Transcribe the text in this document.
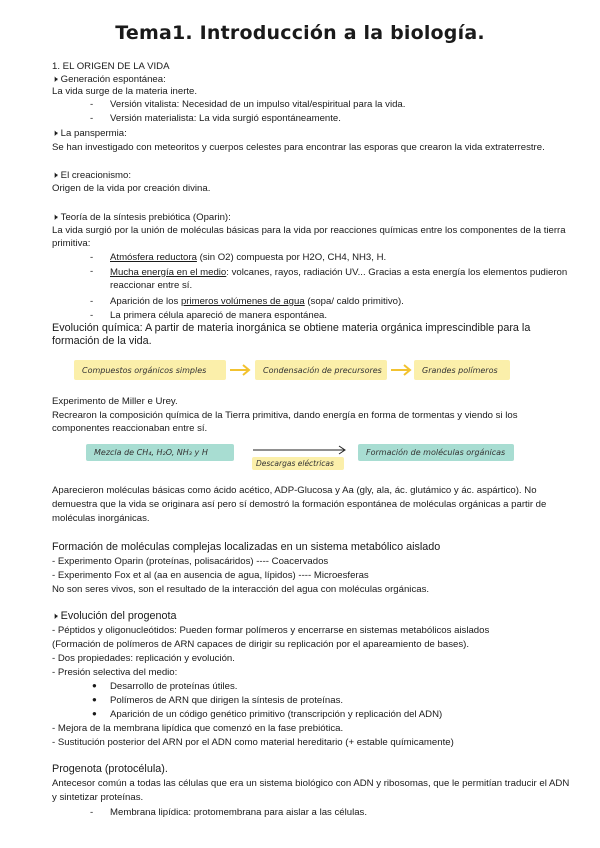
Tema1. Introducción a la biología.
1. EL ORIGEN DE LA VIDA
🕨︎ Generación espontánea:
La vida surge de la materia inerte.
- Versión vitalista: Necesidad de un impulso vital/espiritual para la vida.
- Versión materialista: La vida surgió espontáneamente.
🕨︎ La panspermia:
Se han investigado con meteoritos y cuerpos celestes para encontrar las esporas que crearon la vida extraterrestre.
🕨︎ El creacionismo:
Origen de la vida por creación divina.
🕨︎ Teoría de la síntesis prebiótica (Oparin):
La vida surgió por la unión de moléculas básicas para la vida por reacciones químicas entre los componentes de la tierra primitiva:
- Atmósfera reductora (sin O2) compuesta por H2O, CH4, NH3, H.
- Mucha energía en el medio: volcanes, rayos, radiación UV... Gracias a esta energía los elementos pudieron reaccionar entre sí.
- Aparición de los primeros volúmenes de agua (sopa/ caldo primitivo).
- La primera célula apareció de manera espontánea.
Evolución química: A partir de materia inorgánica se obtiene materia orgánica imprescindible para la formación de la vida.
Compuestos orgánicos simples	Condensación de precursores	Grandes polímeros
Experimento de Miller e Urey.
Recrearon la composición química de la Tierra primitiva, dando energía en forma de tormentas y viendo si los componentes reaccionaban entre sí.
Mezcla de CH₄, H₂O, NH₃ y H
Descargas eléctricas
Formación de moléculas orgánicas
Aparecieron moléculas básicas como ácido acético, ADP-Glucosa y Aa (gly, ala, ác. glutámico y ác. aspártico). No demuestra que la vida se originara así pero sí demostró la formación espontánea de moléculas orgánicas a partir de moléculas inorgánicas.
Formación de moléculas complejas localizadas en un sistema metabólico aislado
- Experimento Oparin (proteínas, polisacáridos) ---- Coacervados
- Experimento Fox et al (aa en ausencia de agua, lípidos) ---- Microesferas
No son seres vivos, son el resultado de la interacción del agua con moléculas orgánicas.
🕨︎ Evolución del progenota
- Péptidos y oligonucleótidos: Pueden formar polímeros y encerrarse en sistemas metabólicos aislados
(Formación de polímeros de ARN capaces de dirigir su replicación por el apareamiento de bases).
- Dos propiedades: replicación y evolución.
- Presión selectiva del medio:
● Desarrollo de proteínas útiles.
● Polímeros de ARN que dirigen la síntesis de proteínas.
● Aparición de un código genético primitivo (transcripción y replicación del ADN)
- Mejora de la membrana lipídica que comenzó en la fase prebiótica.
- Sustitución posterior del ARN por el ADN como material hereditario (+ estable químicamente)
Progenota (protocélula).
Antecesor común a todas las células que era un sistema biológico con ADN y ribosomas, que le permitían traducir el ADN y sintetizar proteínas.
- Membrana lipídica: protomembrana para aislar a las células.
